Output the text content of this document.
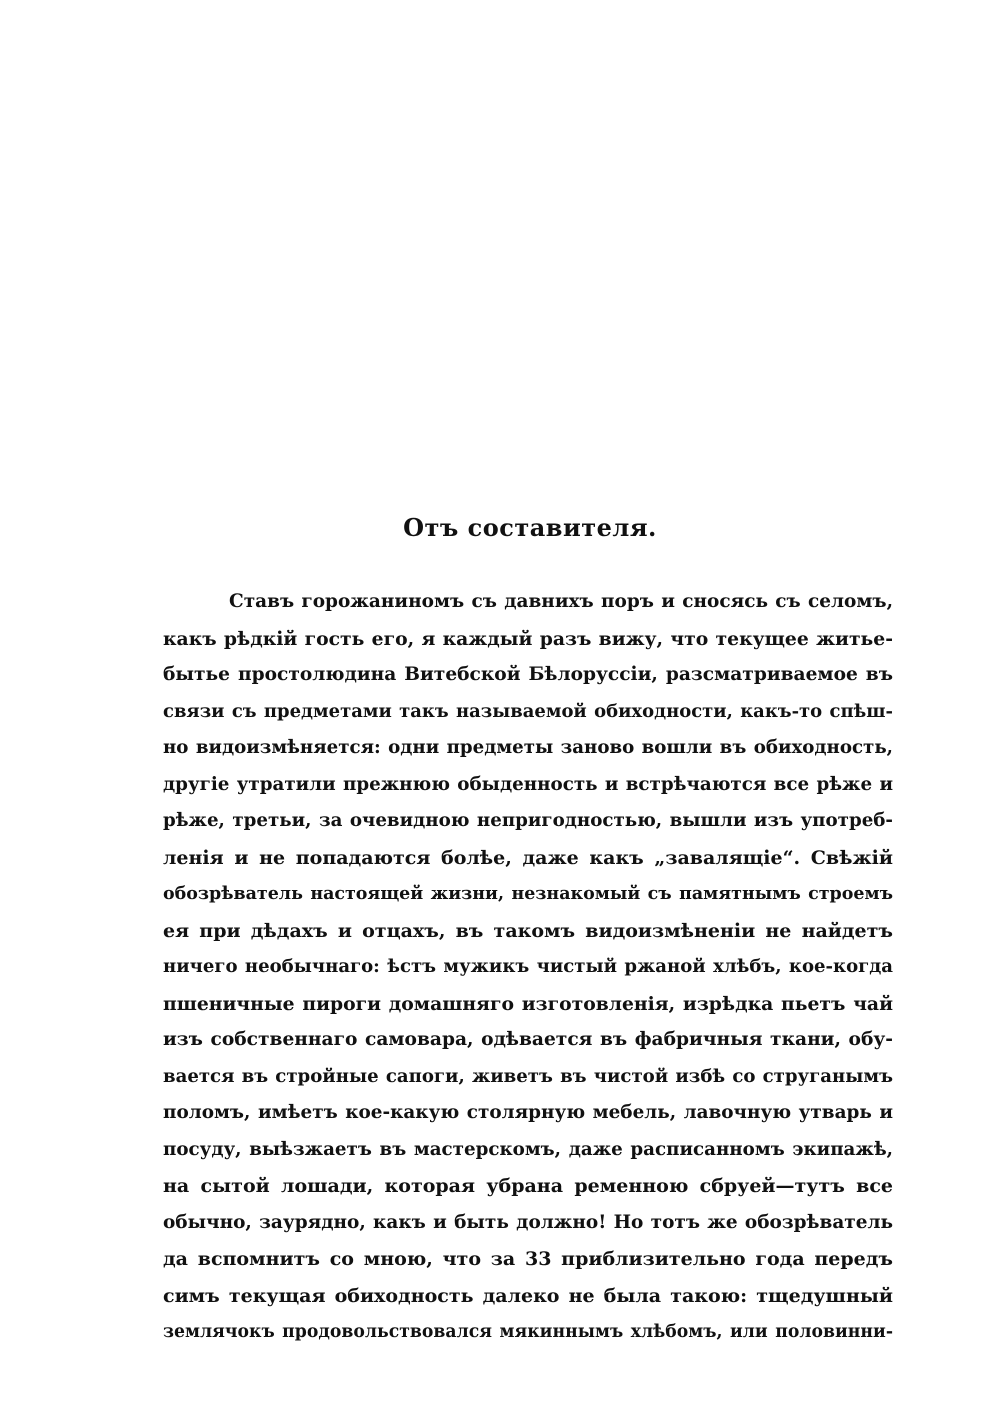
Отъ составителя.
Ставъ горожаниномъ съ давнихъ поръ и сносясь съ селомъ,
какъ рѣдкій гость его, я каждый разъ вижу, что текущее житье-
бытье простолюдина Витебской Бѣлоруссіи, разсматриваемое въ
связи съ предметами такъ называемой обиходности, какъ-то спѣш-
но видоизмѣняется: одни предметы заново вошли въ обиходность,
другіе утратили прежнюю обыденность и встрѣчаются все рѣже и
рѣже, третьи, за очевидною непригодностью, вышли изъ употреб-
ленія и не попадаются болѣе, даже какъ „завалящіе“. Свѣжій
обозрѣватель настоящей жизни, незнакомый съ памятнымъ строемъ
ея при дѣдахъ и отцахъ, въ такомъ видоизмѣненіи не найдетъ
ничего необычнаго: ѣстъ мужикъ чистый ржаной хлѣбъ, кое-когда
пшеничные пироги домашняго изготовленія, изрѣдка пьетъ чай
изъ собственнаго самовара, одѣвается въ фабричныя ткани, обу-
вается въ стройные сапоги, живетъ въ чистой избѣ со струганымъ
поломъ, имѣетъ кое-какую столярную мебель, лавочную утварь и
посуду, выѣзжаетъ въ мастерскомъ, даже расписанномъ экипажѣ,
на сытой лошади, которая убрана ременною сбруей—тутъ все
обычно, заурядно, какъ и быть должно! Но тотъ же обозрѣватель
да вспомнитъ со мною, что за 33 приблизительно года передъ
симъ текущая обиходность далеко не была такою: тщедушный
землячокъ продовольствовался мякиннымъ хлѣбомъ, или половинни-
